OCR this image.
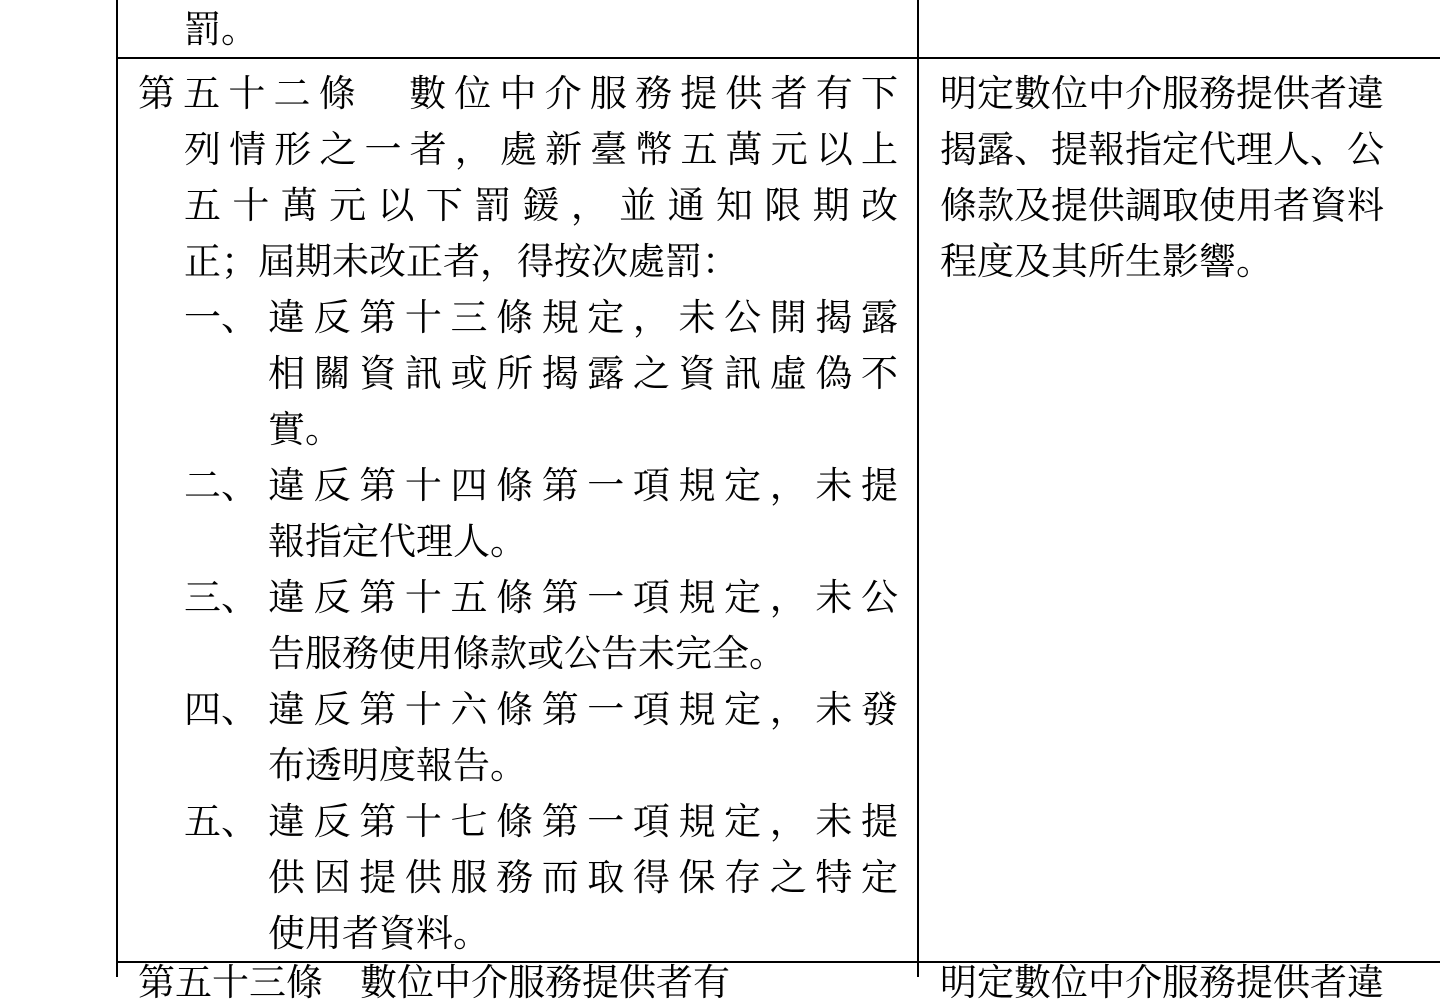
罰。
第五十二條　數位中介服務提供者有下
列情形之一者，處新臺幣五萬元以上
五十萬元以下罰鍰，並通知限期改
正；屆期未改正者，得按次處罰：
一、 違反第十三條規定，未公開揭露
相關資訊或所揭露之資訊虛偽不
實。
二、 違反第十四條第一項規定，未提
報指定代理人。
三、 違反第十五條第一項規定，未公
告服務使用條款或公告未完全。
四、 違反第十六條第一項規定，未發
布透明度報告。
五、 違反第十七條第一項規定，未提
供因提供服務而取得保存之特定
使用者資料。
明定數位中介服務提供者違
揭露、提報指定代理人、公
條款及提供調取使用者資料
程度及其所生影響。
第五十三條　數位中介服務提供者有	明定數位中介服務提供者違
